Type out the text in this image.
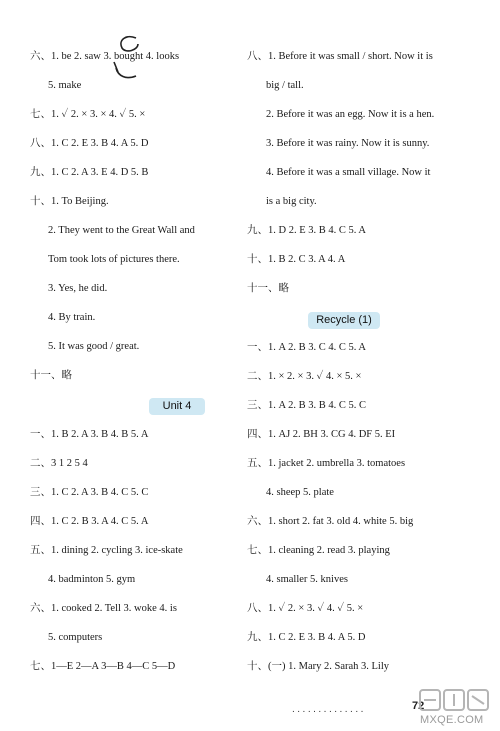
六、1. be 2. saw 3. bought 4. looks
5. make
七、1. ✓ 2. × 3. × 4. ✓ 5. ×
八、1. C 2. E 3. B 4. A 5. D
九、1. C 2. A 3. E 4. D 5. B
十、1. To Beijing.
2. They went to the Great Wall and
Tom took lots of pictures there.
3. Yes, he did.
4. By train.
5. It was good / great.
十一、略
Unit 4
一、1. B 2. A 3. B 4. B 5. A
二、3 1 2 5 4
三、1. C 2. A 3. B 4. C 5. C
四、1. C 2. B 3. A 4. C 5. A
五、1. dining 2. cycling 3. ice-skate
4. badminton 5. gym
六、1. cooked 2. Tell 3. woke 4. is
5. computers
七、1—E 2—A 3—B 4—C 5—D
八、1. Before it was small / short. Now it is
big / tall.
2. Before it was an egg. Now it is a hen.
3. Before it was rainy. Now it is sunny.
4. Before it was a small village. Now it
is a big city.
九、1. D 2. E 3. B 4. C 5. A
十、1. B 2. C 3. A 4. A
十一、略
Recycle (1)
一、1. A 2. B 3. C 4. C 5. A
二、1. × 2. × 3. ✓ 4. × 5. ×
三、1. A 2. B 3. B 4. C 5. C
四、1. AJ 2. BH 3. CG 4. DF 5. EI
五、1. jacket 2. umbrella 3. tomatoes
4. sheep 5. plate
六、1. short 2. fat 3. old 4. white 5. big
七、1. cleaning 2. read 3. playing
4. smaller 5. knives
八、1. ✓ 2. × 3. ✓ 4. ✓ 5. ×
九、1. C 2. E 3. B 4. A 5. D
十、(一) 1. Mary 2. Sarah 3. Lily
..............	72
MXQE.COM
